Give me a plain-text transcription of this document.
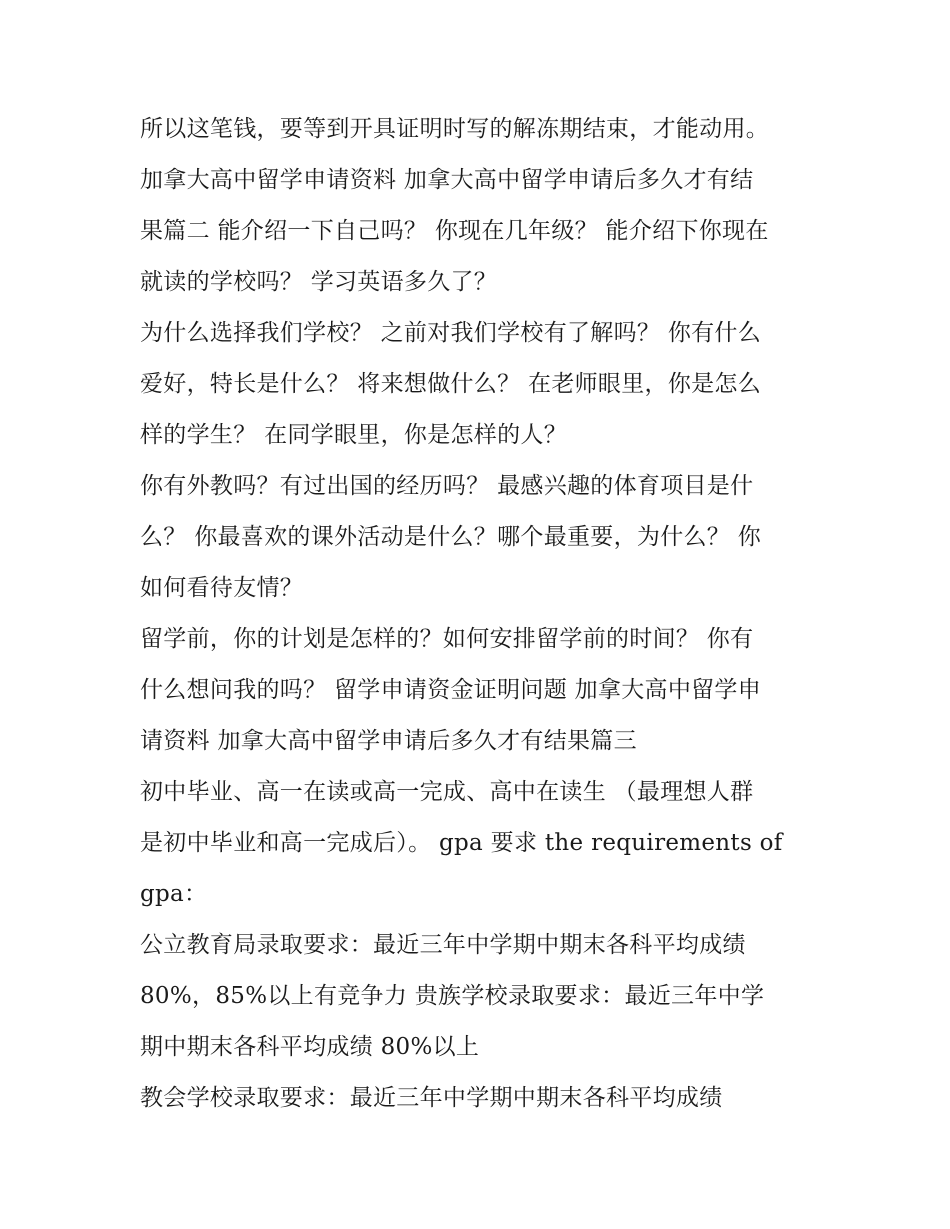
所以这笔钱，要等到开具证明时写的解冻期结束，才能动用。
加拿大高中留学申请资料 加拿大高中留学申请后多久才有结
果篇二 能介绍一下自己吗？ 你现在几年级？ 能介绍下你现在
就读的学校吗？ 学习英语多久了？
为什么选择我们学校？ 之前对我们学校有了解吗？ 你有什么
爱好，特长是什么？ 将来想做什么？ 在老师眼里，你是怎么
样的学生？ 在同学眼里，你是怎样的人？
你有外教吗？有过出国的经历吗？ 最感兴趣的体育项目是什
么？ 你最喜欢的课外活动是什么？哪个最重要，为什么？ 你
如何看待友情？
留学前，你的计划是怎样的？如何安排留学前的时间？ 你有
什么想问我的吗？ 留学申请资金证明问题 加拿大高中留学申
请资料 加拿大高中留学申请后多久才有结果篇三
初中毕业、高一在读或高一完成、高中在读生 （最理想人群
是初中毕业和高一完成后）。 gpa 要求 the requirements of
gpa：
公立教育局录取要求：最近三年中学期中期末各科平均成绩
80%，85%以上有竞争力 贵族学校录取要求：最近三年中学
期中期末各科平均成绩 80%以上
教会学校录取要求：最近三年中学期中期末各科平均成绩
